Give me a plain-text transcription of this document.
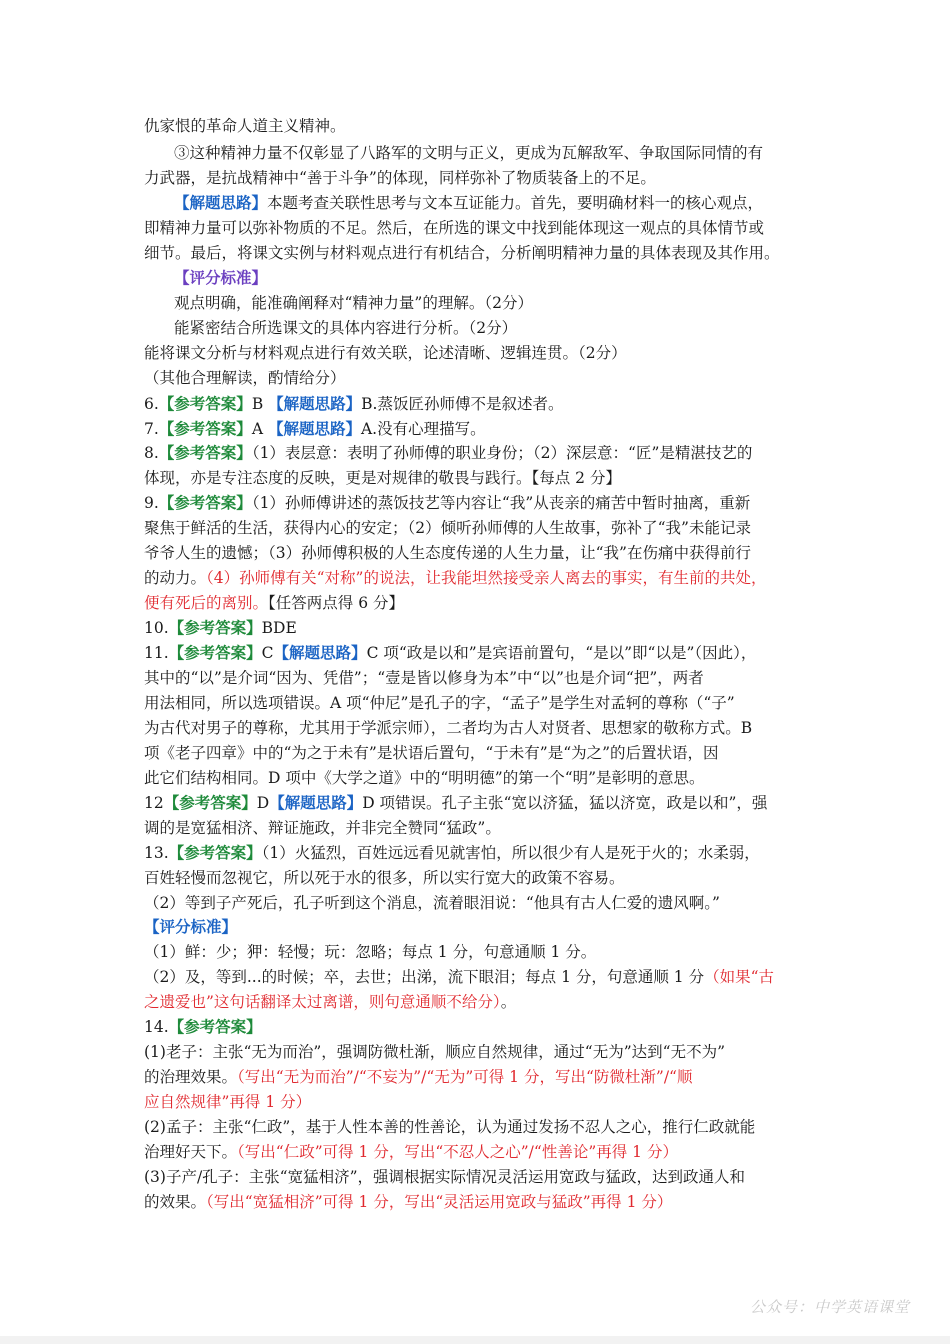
仇家恨的革命人道主义精神。
③这种精神力量不仅彰显了八路军的文明与正义，更成为瓦解敌军、争取国际同情的有
力武器，是抗战精神中“善于斗争”的体现，同样弥补了物质装备上的不足。
【解题思路】本题考查关联性思考与文本互证能力。首先，要明确材料一的核心观点，
即精神力量可以弥补物质的不足。然后，在所选的课文中找到能体现这一观点的具体情节或
细节。最后，将课文实例与材料观点进行有机结合，分析阐明精神力量的具体表现及其作用。
【评分标准】
观点明确，能准确阐释对“精神力量”的理解。（2分）
能紧密结合所选课文的具体内容进行分析。（2分）
能将课文分析与材料观点进行有效关联，论述清晰、逻辑连贯。（2分）
（其他合理解读，酌情给分）
6.【参考答案】B 【解题思路】B.蒸饭匠孙师傅不是叙述者。
7.【参考答案】A 【解题思路】A.没有心理描写。
8.【参考答案】（1）表层意：表明了孙师傅的职业身份；（2）深层意：“匠”是精湛技艺的
体现，亦是专注态度的反映，更是对规律的敬畏与践行。【每点 2 分】
9.【参考答案】（1）孙师傅讲述的蒸饭技艺等内容让“我”从丧亲的痛苦中暂时抽离，重新
聚焦于鲜活的生活，获得内心的安定；（2）倾听孙师傅的人生故事，弥补了“我”未能记录
爷爷人生的遗憾；（3）孙师傅积极的人生态度传递的人生力量，让“我”在伤痛中获得前行
的动力。（4）孙师傅有关“对称”的说法，让我能坦然接受亲人离去的事实，有生前的共处，
便有死后的离别。【任答两点得 6 分】
10.【参考答案】BDE
11.【参考答案】C【解题思路】C 项“政是以和”是宾语前置句，“是以”即“以是”（因此），
其中的“以”是介词“因为、凭借”；“壹是皆以修身为本”中“以”也是介词“把”，两者
用法相同，所以选项错误。A 项“仲尼”是孔子的字，“孟子”是学生对孟轲的尊称（“子”
为古代对男子的尊称，尤其用于学派宗师），二者均为古人对贤者、思想家的敬称方式。B
项《老子四章》中的“为之于未有”是状语后置句，“于未有”是“为之”的后置状语，因
此它们结构相同。D 项中《大学之道》中的“明明德”的第一个“明”是彰明的意思。
12【参考答案】D【解题思路】D 项错误。孔子主张“宽以济猛，猛以济宽，政是以和”，强
调的是宽猛相济、辩证施政，并非完全赞同“猛政”。
13.【参考答案】（1）火猛烈，百姓远远看见就害怕，所以很少有人是死于火的；水柔弱，
百姓轻慢而忽视它，所以死于水的很多，所以实行宽大的政策不容易。
（2）等到子产死后，孔子听到这个消息，流着眼泪说：“他具有古人仁爱的遗风啊。”
【评分标准】
（1）鲜：少；狎：轻慢；玩：忽略；每点 1 分，句意通顺 1 分。
（2）及，等到...的时候；卒，去世；出涕，流下眼泪；每点 1 分，句意通顺 1 分（如果“古
之遗爱也”这句话翻译太过离谱，则句意通顺不给分）。
14.【参考答案】
(1)老子：主张“无为而治”，强调防微杜渐，顺应自然规律，通过“无为”达到“无不为”
的治理效果。（写出“无为而治”/“不妄为”/“无为”可得 1 分，写出“防微杜渐”/“顺
应自然规律”再得 1 分）
(2)孟子：主张“仁政”，基于人性本善的性善论，认为通过发扬不忍人之心，推行仁政就能
治理好天下。（写出“仁政”可得 1 分，写出“不忍人之心”/“性善论”再得 1 分）
(3)子产/孔子：主张“宽猛相济”，强调根据实际情况灵活运用宽政与猛政，达到政通人和
的效果。（写出“宽猛相济”可得 1 分，写出“灵活运用宽政与猛政”再得 1 分）
公众号：中学英语课堂
